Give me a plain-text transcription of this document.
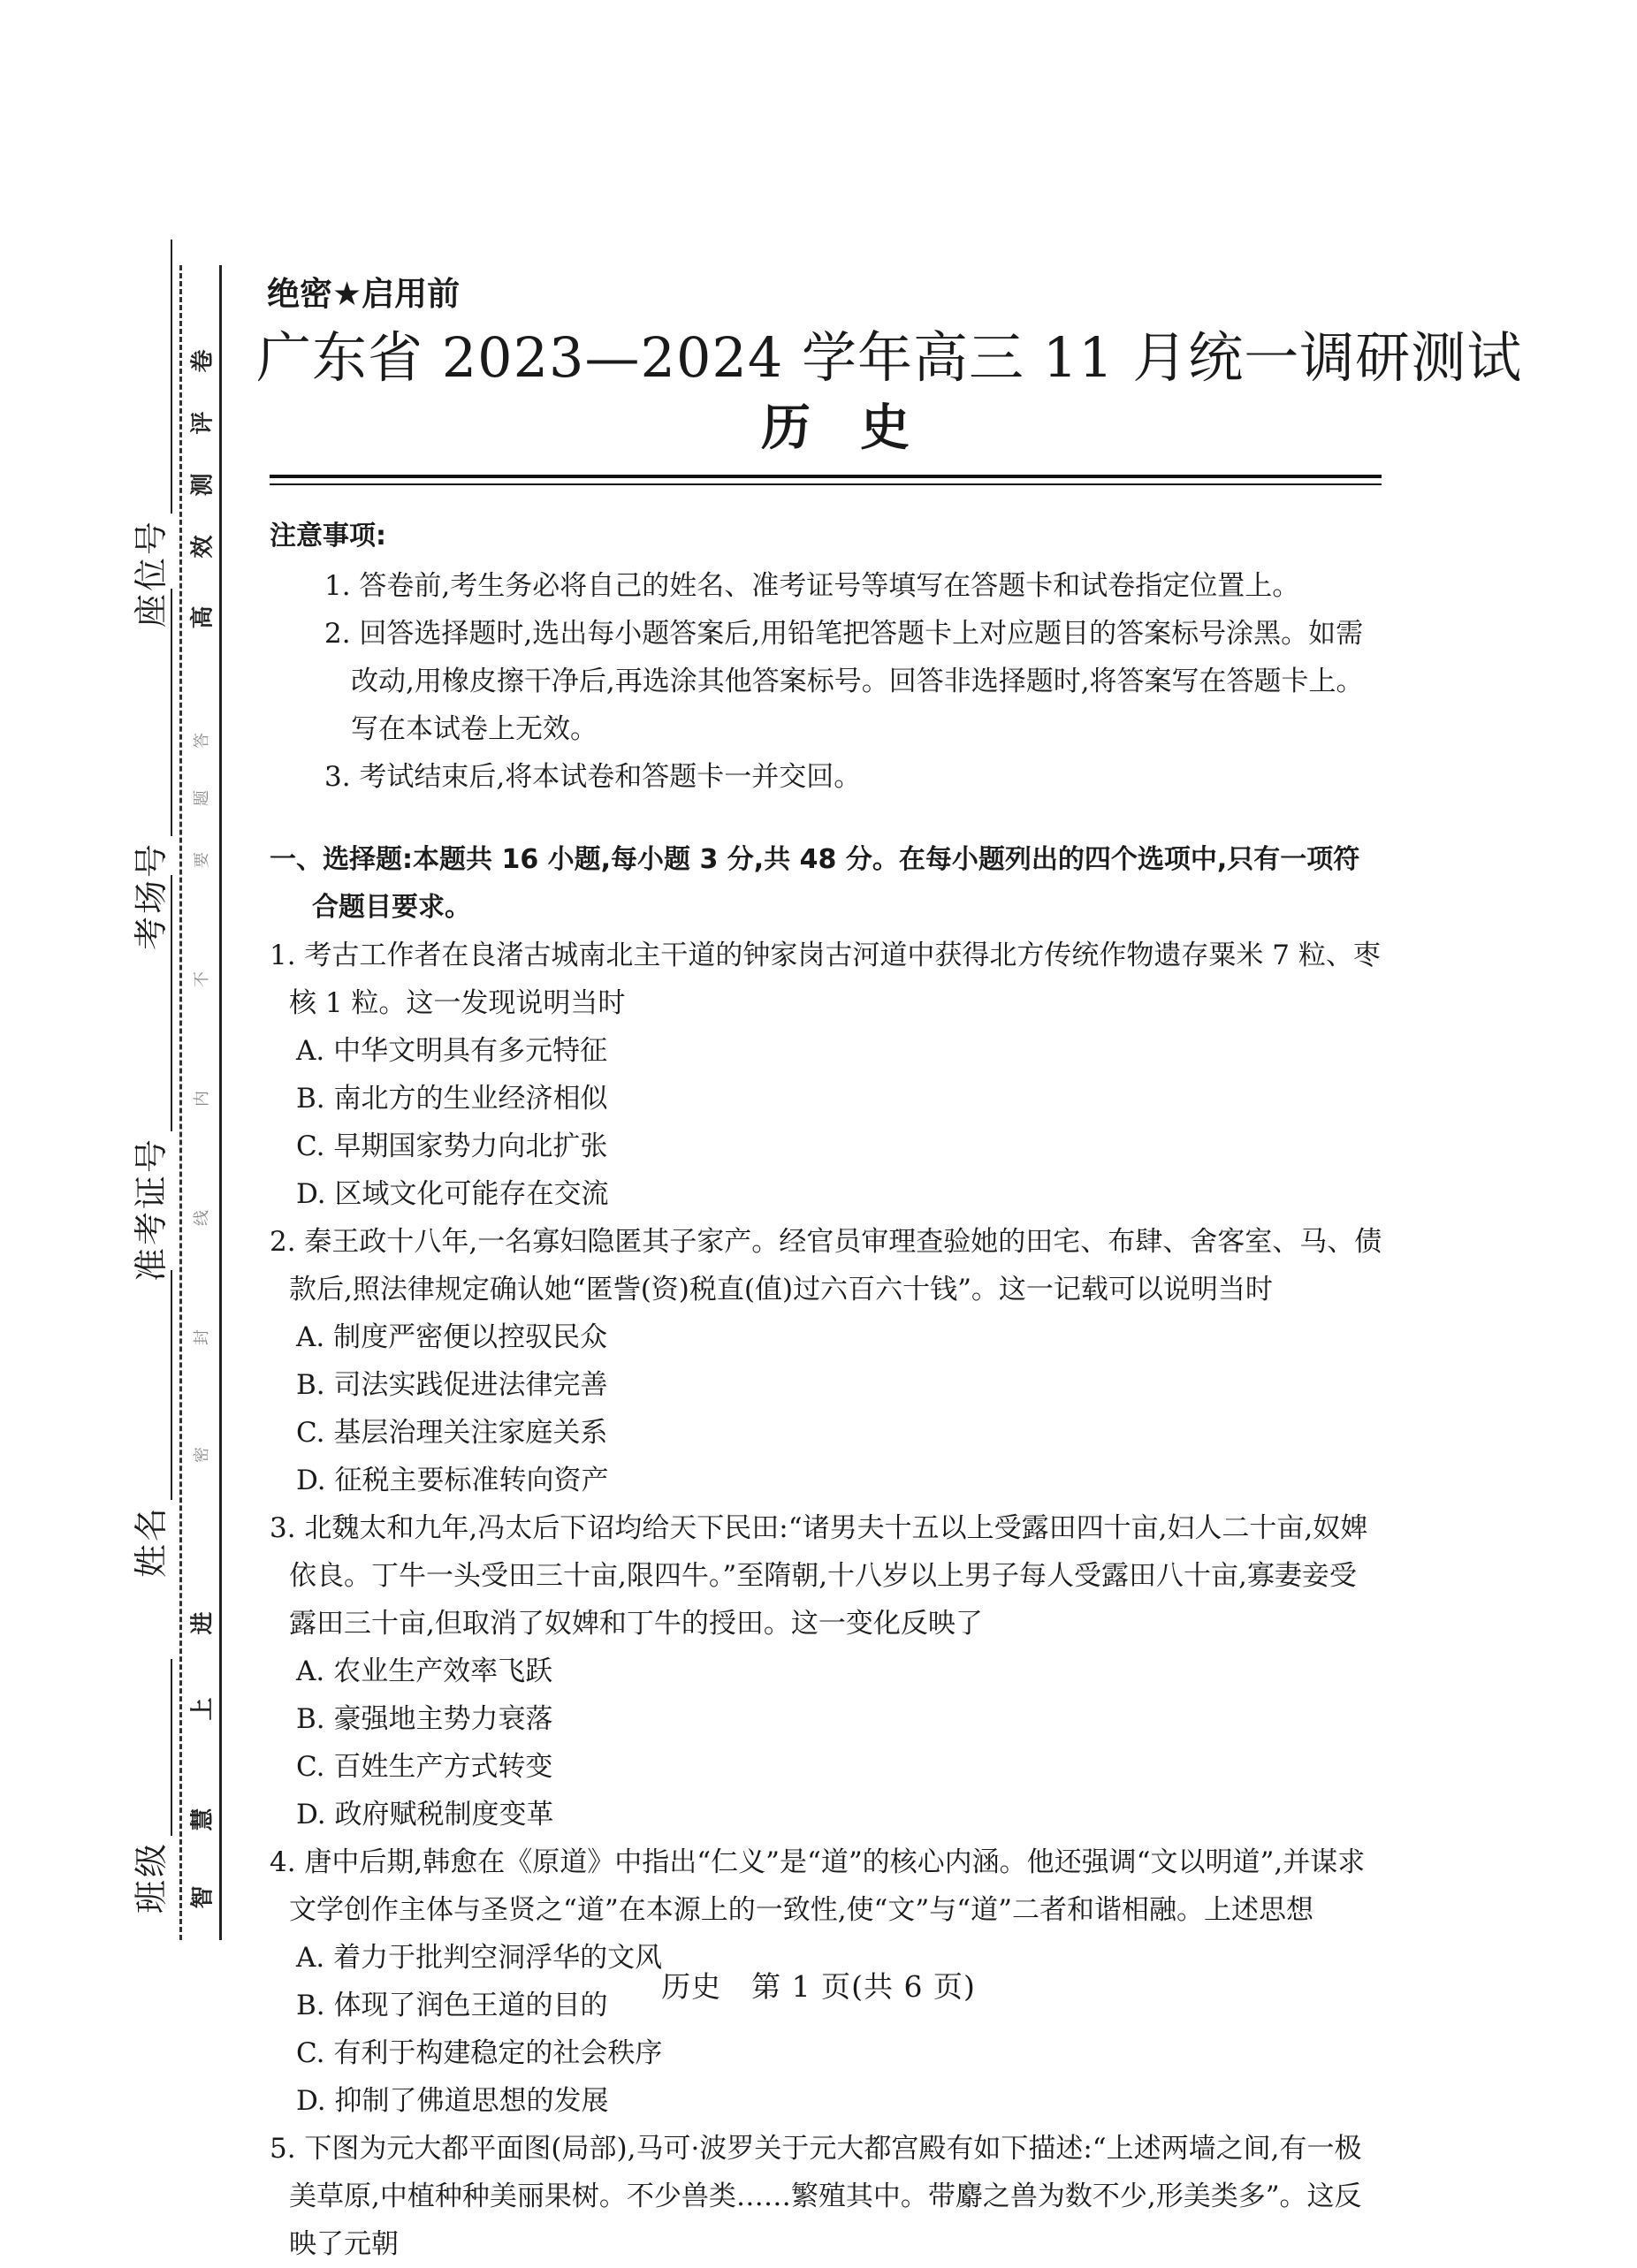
班级
姓名
准考证号
考场号
座位号
智
慧
上
进
高
效
测
评
卷
密
封
线
内
不
要
答
题
绝密★启用前
广东省 2023—2024 学年高三 11 月统一调研测试
历史
注意事项:
1. 答卷前,考生务必将自己的姓名、准考证号等填写在答题卡和试卷指定位置上。
2. 回答选择题时,选出每小题答案后,用铅笔把答题卡上对应题目的答案标号涂黑。如需改动,用橡皮擦干净后,再选涂其他答案标号。回答非选择题时,将答案写在答题卡上。写在本试卷上无效。
3. 考试结束后,将本试卷和答题卡一并交回。
一、选择题:本题共 16 小题,每小题 3 分,共 48 分。在每小题列出的四个选项中,只有一项符合题目要求。
1. 考古工作者在良渚古城南北主干道的钟家岗古河道中获得北方传统作物遗存粟米 7 粒、枣核 1 粒。这一发现说明当时
A. 中华文明具有多元特征
B. 南北方的生业经济相似
C. 早期国家势力向北扩张
D. 区域文化可能存在交流
2. 秦王政十八年,一名寡妇隐匿其子家产。经官员审理查验她的田宅、布肆、舍客室、马、债款后,照法律规定确认她“匿訾(资)税直(值)过六百六十钱”。这一记载可以说明当时
A. 制度严密便以控驭民众
B. 司法实践促进法律完善
C. 基层治理关注家庭关系
D. 征税主要标准转向资产
3. 北魏太和九年,冯太后下诏均给天下民田:“诸男夫十五以上受露田四十亩,妇人二十亩,奴婢依良。丁牛一头受田三十亩,限四牛。”至隋朝,十八岁以上男子每人受露田八十亩,寡妻妾受露田三十亩,但取消了奴婢和丁牛的授田。这一变化反映了
A. 农业生产效率飞跃
B. 豪强地主势力衰落
C. 百姓生产方式转变
D. 政府赋税制度变革
4. 唐中后期,韩愈在《原道》中指出“仁义”是“道”的核心内涵。他还强调“文以明道”,并谋求文学创作主体与圣贤之“道”在本源上的一致性,使“文”与“道”二者和谐相融。上述思想
A. 着力于批判空洞浮华的文风
B. 体现了润色王道的目的
C. 有利于构建稳定的社会秩序
D. 抑制了佛道思想的发展
5. 下图为元大都平面图(局部),马可·波罗关于元大都宫殿有如下描述:“上述两墙之间,有一极美草原,中植种种美丽果树。不少兽类……繁殖其中。带麝之兽为数不少,形美类多”。这反映了元朝
历史　第 1 页(共 6 页)
